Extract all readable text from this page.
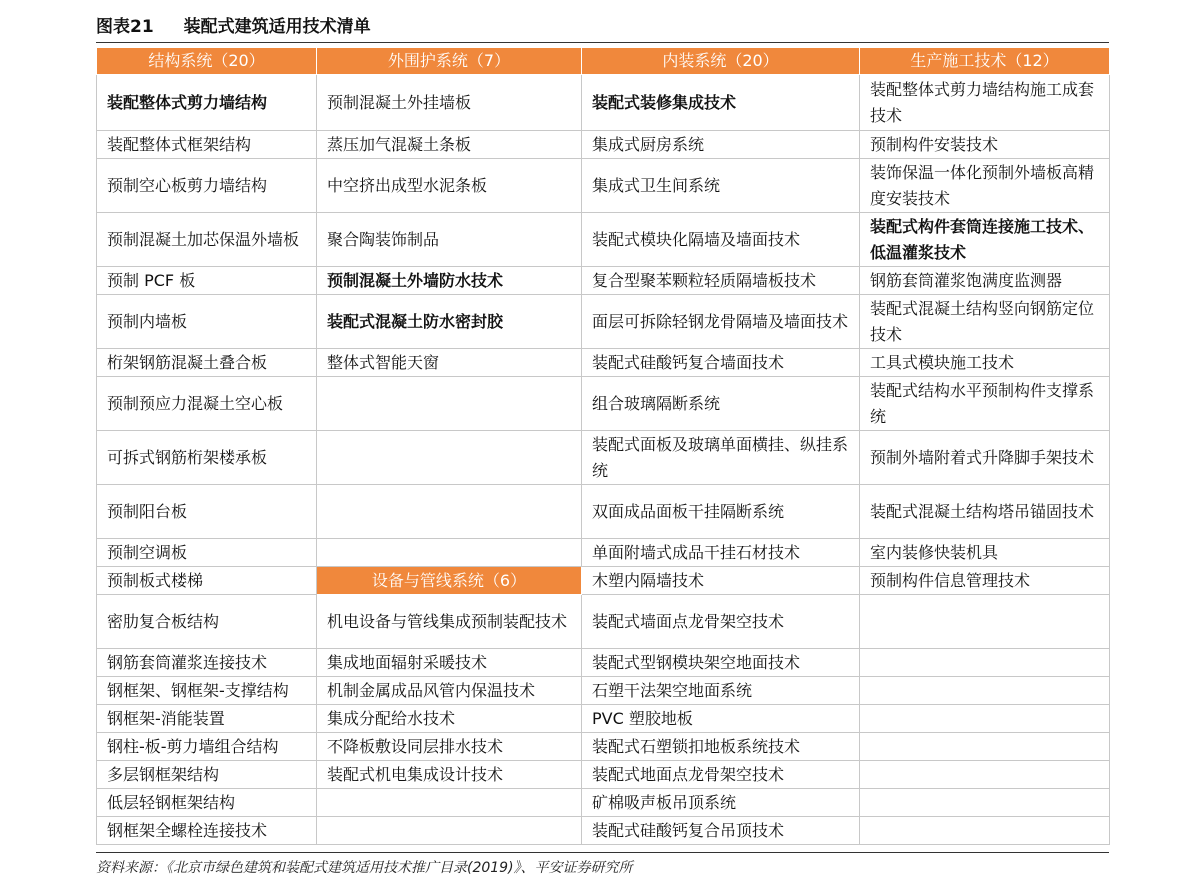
图表21 装配式建筑适用技术清单
结构系统（20）	外围护系统（7）	内装系统（20）	生产施工技术（12）
装配整体式剪力墙结构	预制混凝土外挂墙板	装配式装修集成技术	装配整体式剪力墙结构施工成套技术
装配整体式框架结构	蒸压加气混凝土条板	集成式厨房系统	预制构件安装技术
预制空心板剪力墙结构	中空挤出成型水泥条板	集成式卫生间系统	装饰保温一体化预制外墙板高精度安装技术
预制混凝土加芯保温外墙板	聚合陶装饰制品	装配式模块化隔墙及墙面技术	装配式构件套筒连接施工技术、低温灌浆技术
预制 PCF 板	预制混凝土外墙防水技术	复合型聚苯颗粒轻质隔墙板技术	钢筋套筒灌浆饱满度监测器
预制内墙板	装配式混凝土防水密封胶	面层可拆除轻钢龙骨隔墙及墙面技术	装配式混凝土结构竖向钢筋定位技术
桁架钢筋混凝土叠合板	整体式智能天窗	装配式硅酸钙复合墙面技术	工具式模块施工技术
预制预应力混凝土空心板		组合玻璃隔断系统	装配式结构水平预制构件支撑系统
可拆式钢筋桁架楼承板		装配式面板及玻璃单面横挂、纵挂系统	预制外墙附着式升降脚手架技术
预制阳台板		双面成品面板干挂隔断系统	装配式混凝土结构塔吊锚固技术
预制空调板		单面附墙式成品干挂石材技术	室内装修快装机具
预制板式楼梯	设备与管线系统（6）	木塑内隔墙技术	预制构件信息管理技术
密肋复合板结构	机电设备与管线集成预制装配技术	装配式墙面点龙骨架空技术	
钢筋套筒灌浆连接技术	集成地面辐射采暖技术	装配式型钢模块架空地面技术	
钢框架、钢框架-支撑结构	机制金属成品风管内保温技术	石塑干法架空地面系统	
钢框架-消能装置	集成分配给水技术	PVC 塑胶地板	
钢柱-板-剪力墙组合结构	不降板敷设同层排水技术	装配式石塑锁扣地板系统技术	
多层钢框架结构	装配式机电集成设计技术	装配式地面点龙骨架空技术	
低层轻钢框架结构		矿棉吸声板吊顶系统	
钢框架全螺栓连接技术		装配式硅酸钙复合吊顶技术	
资料来源：《北京市绿色建筑和装配式建筑适用技术推广目录(2019)》、平安证券研究所
